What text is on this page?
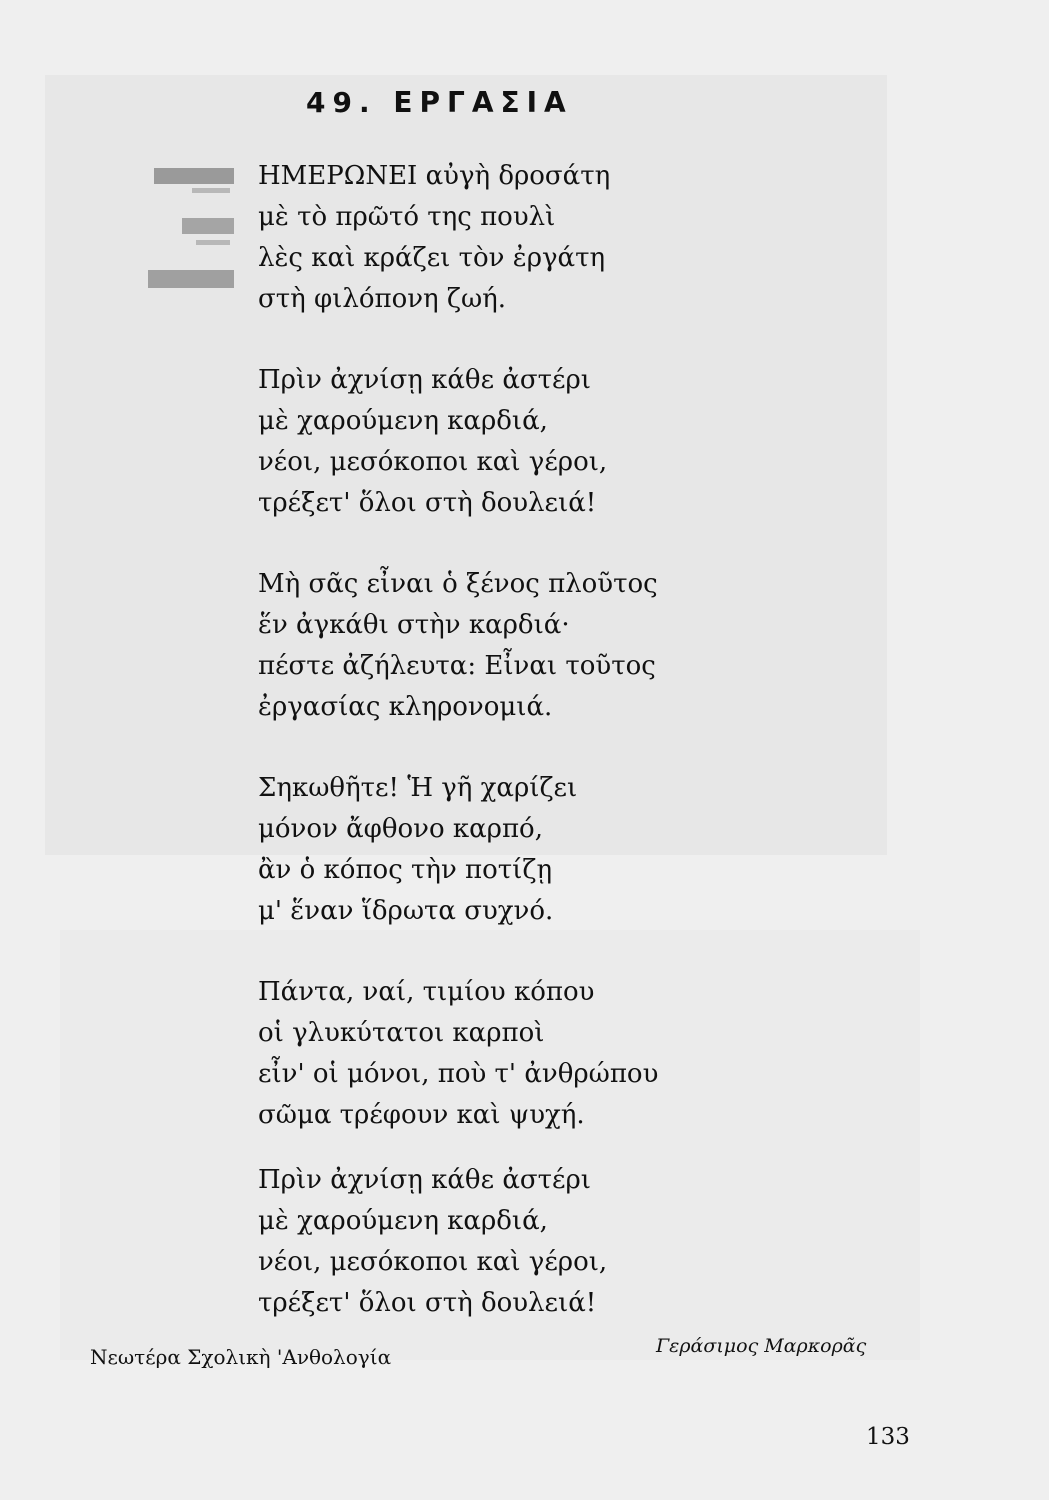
49. ΕΡΓΑΣΙΑ
ΗΜΕΡΩΝΕΙ αὐγὴ δροσάτη
μὲ τὸ πρῶτό της πουλὶ
λὲς καὶ κράζει τὸν ἐργάτη
στὴ φιλόπονη ζωή.
Πρὶν ἀχνίσῃ κάθε ἀστέρι
μὲ χαρούμενη καρδιά,
νέοι, μεσόκοποι καὶ γέροι,
τρέξετ' ὅλοι στὴ δουλειά!
Μὴ σᾶς εἶναι ὁ ξένος πλοῦτος
ἕν ἀγκάθι στὴν καρδιά·
πέστε ἀζήλευτα: Εἶναι τοῦτος
ἐργασίας κληρονομιά.
Σηκωθῆτε! Ἡ γῆ χαρίζει
μόνον ἄφθονο καρπό,
ἂν ὁ κόπος τὴν ποτίζῃ
μ' ἕναν ἵδρωτα συχνό.
Πάντα, ναί, τιμίου κόπου
οἱ γλυκύτατοι καρποὶ
εἶν' οἱ μόνοι, ποὺ τ' ἀνθρώπου
σῶμα τρέφουν καὶ ψυχή.
Πρὶν ἀχνίσῃ κάθε ἀστέρι
μὲ χαρούμενη καρδιά,
νέοι, μεσόκοποι καὶ γέροι,
τρέξετ' ὅλοι στὴ δουλειά!
Νεωτέρα Σχολικὴ 'Ανθολογία	Γεράσιμος Μαρκορᾶς
133
